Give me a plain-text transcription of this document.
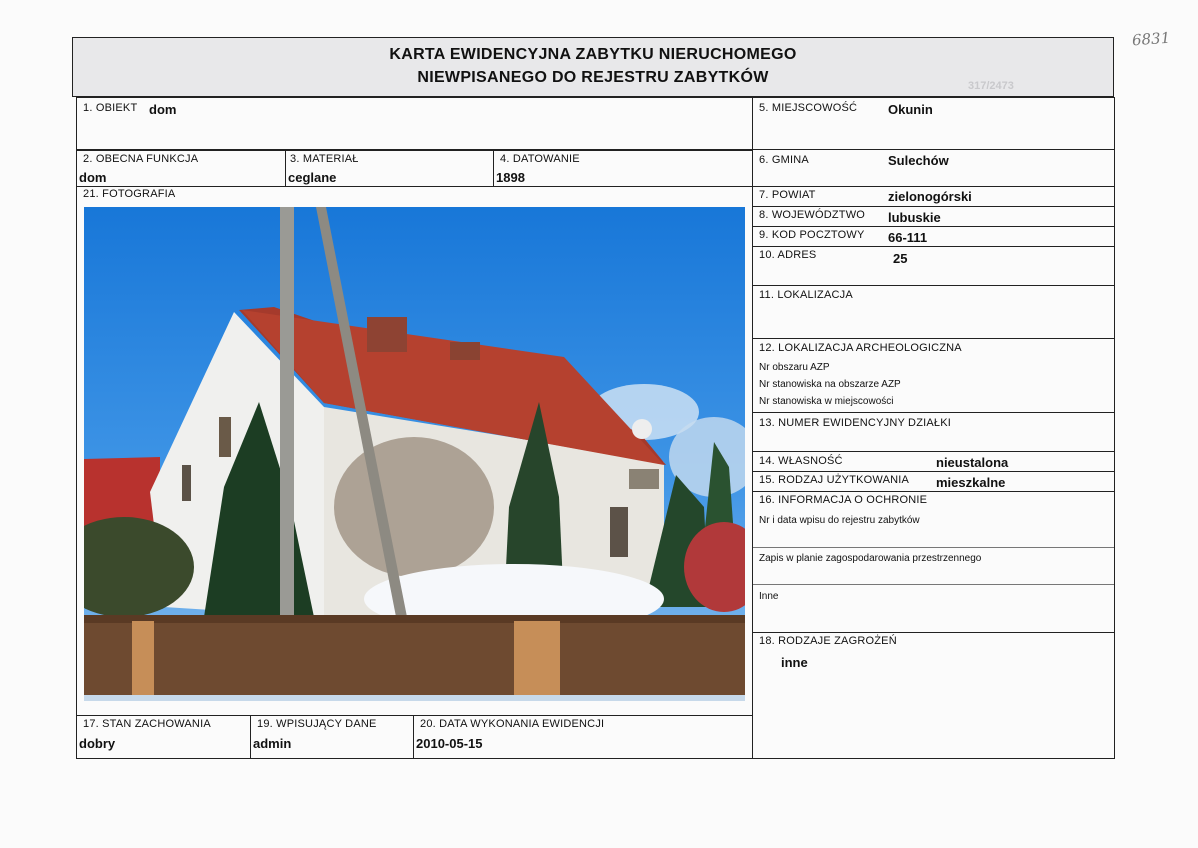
KARTA EWIDENCYJNA ZABYTKU NIERUCHOMEGO
NIEWPISANEGO DO REJESTRU ZABYTKÓW	317/2473
6831
1. OBIEKT dom
2. OBECNA FUNKCJA
dom
3. MATERIAŁ
ceglane
4. DATOWANIE
1898
21. FOTOGRAFIA
17. STAN ZACHOWANIA
dobry
19. WPISUJĄCY DANE
admin
20. DATA WYKONANIA EWIDENCJI
2010-05-15
5. MIEJSCOWOŚĆ Okunin
6. GMINA	Sulechów
7. POWIAT	zielonogórski
8. WOJEWÓDZTWO lubuskie
9. KOD POCZTOWY 66-111
10. ADRES	25
11. LOKALIZACJA
12. LOKALIZACJA ARCHEOLOGICZNA
Nr obszaru AZP
Nr stanowiska na obszarze AZP
Nr stanowiska w miejscowości
13. NUMER EWIDENCYJNY DZIAŁKI
14. WŁASNOŚĆ	nieustalona
15. RODZAJ UŻYTKOWANIA mieszkalne
16. INFORMACJA O OCHRONIE
Nr i data wpisu do rejestru zabytków
Zapis w planie zagospodarowania przestrzennego
Inne
18. RODZAJE ZAGROŻEŃ
inne
